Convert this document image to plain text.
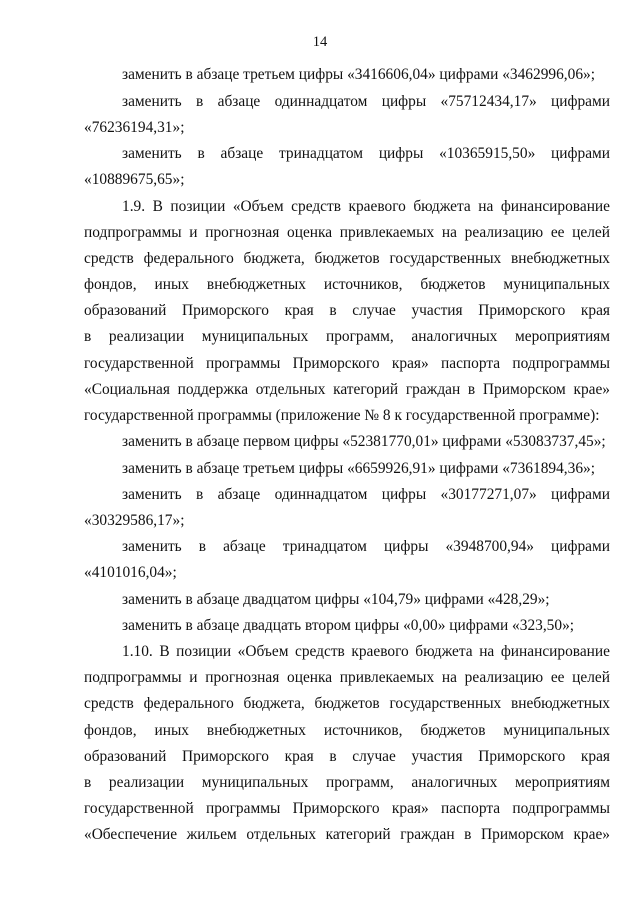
14
заменить в абзаце третьем цифры «3416606,04» цифрами «3462996,06»;
заменить в абзаце одиннадцатом цифры «75712434,17» цифрами
«76236194,31»;
заменить в абзаце тринадцатом цифры «10365915,50» цифрами
«10889675,65»;
1.9. В позиции «Объем средств краевого бюджета на финансирование
подпрограммы и прогнозная оценка привлекаемых на реализацию ее целей
средств федерального бюджета, бюджетов государственных внебюджетных
фондов, иных внебюджетных источников, бюджетов муниципальных
образований Приморского края в случае участия Приморского края
в реализации муниципальных программ, аналогичных мероприятиям
государственной программы Приморского края» паспорта подпрограммы
«Социальная поддержка отдельных категорий граждан в Приморском крае»
государственной программы (приложение № 8 к государственной программе):
заменить в абзаце первом цифры «52381770,01» цифрами «53083737,45»;
заменить в абзаце третьем цифры «6659926,91» цифрами «7361894,36»;
заменить в абзаце одиннадцатом цифры «30177271,07» цифрами
«30329586,17»;
заменить в абзаце тринадцатом цифры «3948700,94» цифрами
«4101016,04»;
заменить в абзаце двадцатом цифры «104,79» цифрами «428,29»;
заменить в абзаце двадцать втором цифры «0,00» цифрами «323,50»;
1.10. В позиции «Объем средств краевого бюджета на финансирование
подпрограммы и прогнозная оценка привлекаемых на реализацию ее целей
средств федерального бюджета, бюджетов государственных внебюджетных
фондов, иных внебюджетных источников, бюджетов муниципальных
образований Приморского края в случае участия Приморского края
в реализации муниципальных программ, аналогичных мероприятиям
государственной программы Приморского края» паспорта подпрограммы
«Обеспечение жильем отдельных категорий граждан в Приморском крае»
